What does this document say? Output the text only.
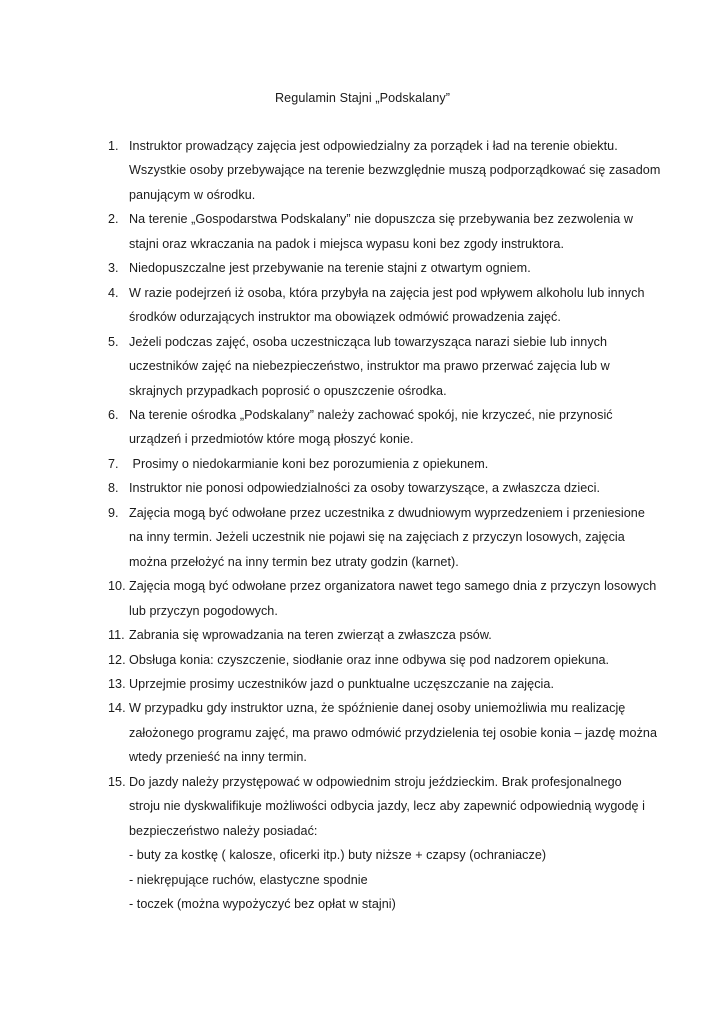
Regulamin Stajni „Podskalany”
1. Instruktor prowadzący zajęcia jest odpowiedzialny za porządek i ład na terenie obiektu.
Wszystkie osoby przebywające na terenie bezwzględnie muszą podporządkować się zasadom
panującym w ośrodku.
2. Na terenie „Gospodarstwa Podskalany” nie dopuszcza się przebywania bez zezwolenia w
stajni oraz wkraczania na padok i miejsca wypasu koni bez zgody instruktora.
3. Niedopuszczalne jest przebywanie na terenie stajni z otwartym ogniem.
4. W razie podejrzeń iż osoba, która przybyła na zajęcia jest pod wpływem alkoholu lub innych
środków odurzających instruktor ma obowiązek odmówić prowadzenia zajęć.
5. Jeżeli podczas zajęć, osoba uczestnicząca lub towarzysząca narazi siebie lub innych
uczestników zajęć na niebezpieczeństwo, instruktor ma prawo przerwać zajęcia lub w
skrajnych przypadkach poprosić o opuszczenie ośrodka.
6. Na terenie ośrodka „Podskalany” należy zachować spokój, nie krzyczeć, nie przynosić
urządzeń i przedmiotów które mogą płoszyć konie.
7. Prosimy o niedokarmianie koni bez porozumienia z opiekunem.
8. Instruktor nie ponosi odpowiedzialności za osoby towarzyszące, a zwłaszcza dzieci.
9. Zajęcia mogą być odwołane przez uczestnika z dwudniowym wyprzedzeniem i przeniesione
na inny termin. Jeżeli uczestnik nie pojawi się na zajęciach z przyczyn losowych, zajęcia
można przełożyć na inny termin bez utraty godzin (karnet).
10. Zajęcia mogą być odwołane przez organizatora nawet tego samego dnia z przyczyn losowych
lub przyczyn pogodowych.
11. Zabrania się wprowadzania na teren zwierząt a zwłaszcza psów.
12. Obsługa konia: czyszczenie, siodłanie oraz inne odbywa się pod nadzorem opiekuna.
13. Uprzejmie prosimy uczestników jazd o punktualne uczęszczanie na zajęcia.
14. W przypadku gdy instruktor uzna, że spóźnienie danej osoby uniemożliwia mu realizację
założonego programu zajęć, ma prawo odmówić przydzielenia tej osobie konia – jazdę można
wtedy przenieść na inny termin.
15. Do jazdy należy przystępować w odpowiednim stroju jeździeckim. Brak profesjonalnego
stroju nie dyskwalifikuje możliwości odbycia jazdy, lecz aby zapewnić odpowiednią wygodę i
bezpieczeństwo należy posiadać:
- buty za kostkę ( kalosze, oficerki itp.) buty niższe + czapsy (ochraniacze)
- niekrępujące ruchów, elastyczne spodnie
- toczek (można wypożyczyć bez opłat w stajni)
